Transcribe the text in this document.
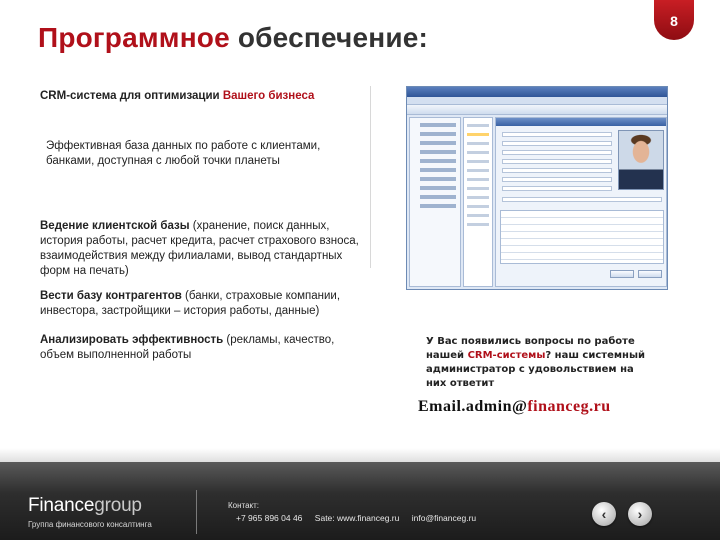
8
Программное обеспечение:
CRM-система для оптимизации Вашего бизнеса
Эффективная база данных по работе с клиентами, банками, доступная с любой точки планеты
Ведение клиентской базы (хранение, поиск данных, история работы, расчет кредита, расчет страхового взноса, взаимодействия между филиалами, вывод стандартных форм на печать)
Вести базу контрагентов (банки, страховые компании, инвестора, застройщики – история работы, данные)
Анализировать эффективность (рекламы, качество, объем выполненной работы
У Вас появились вопросы по работе нашей CRM-системы? наш системный администратор с удовольствием на них ответит
Email.admin@financeg.ru
Financegroup
Группа финансового консалтинга
Контакт:
+7 965 896 04 46 Sate: www.financeg.ru info@financeg.ru	‹ ›
